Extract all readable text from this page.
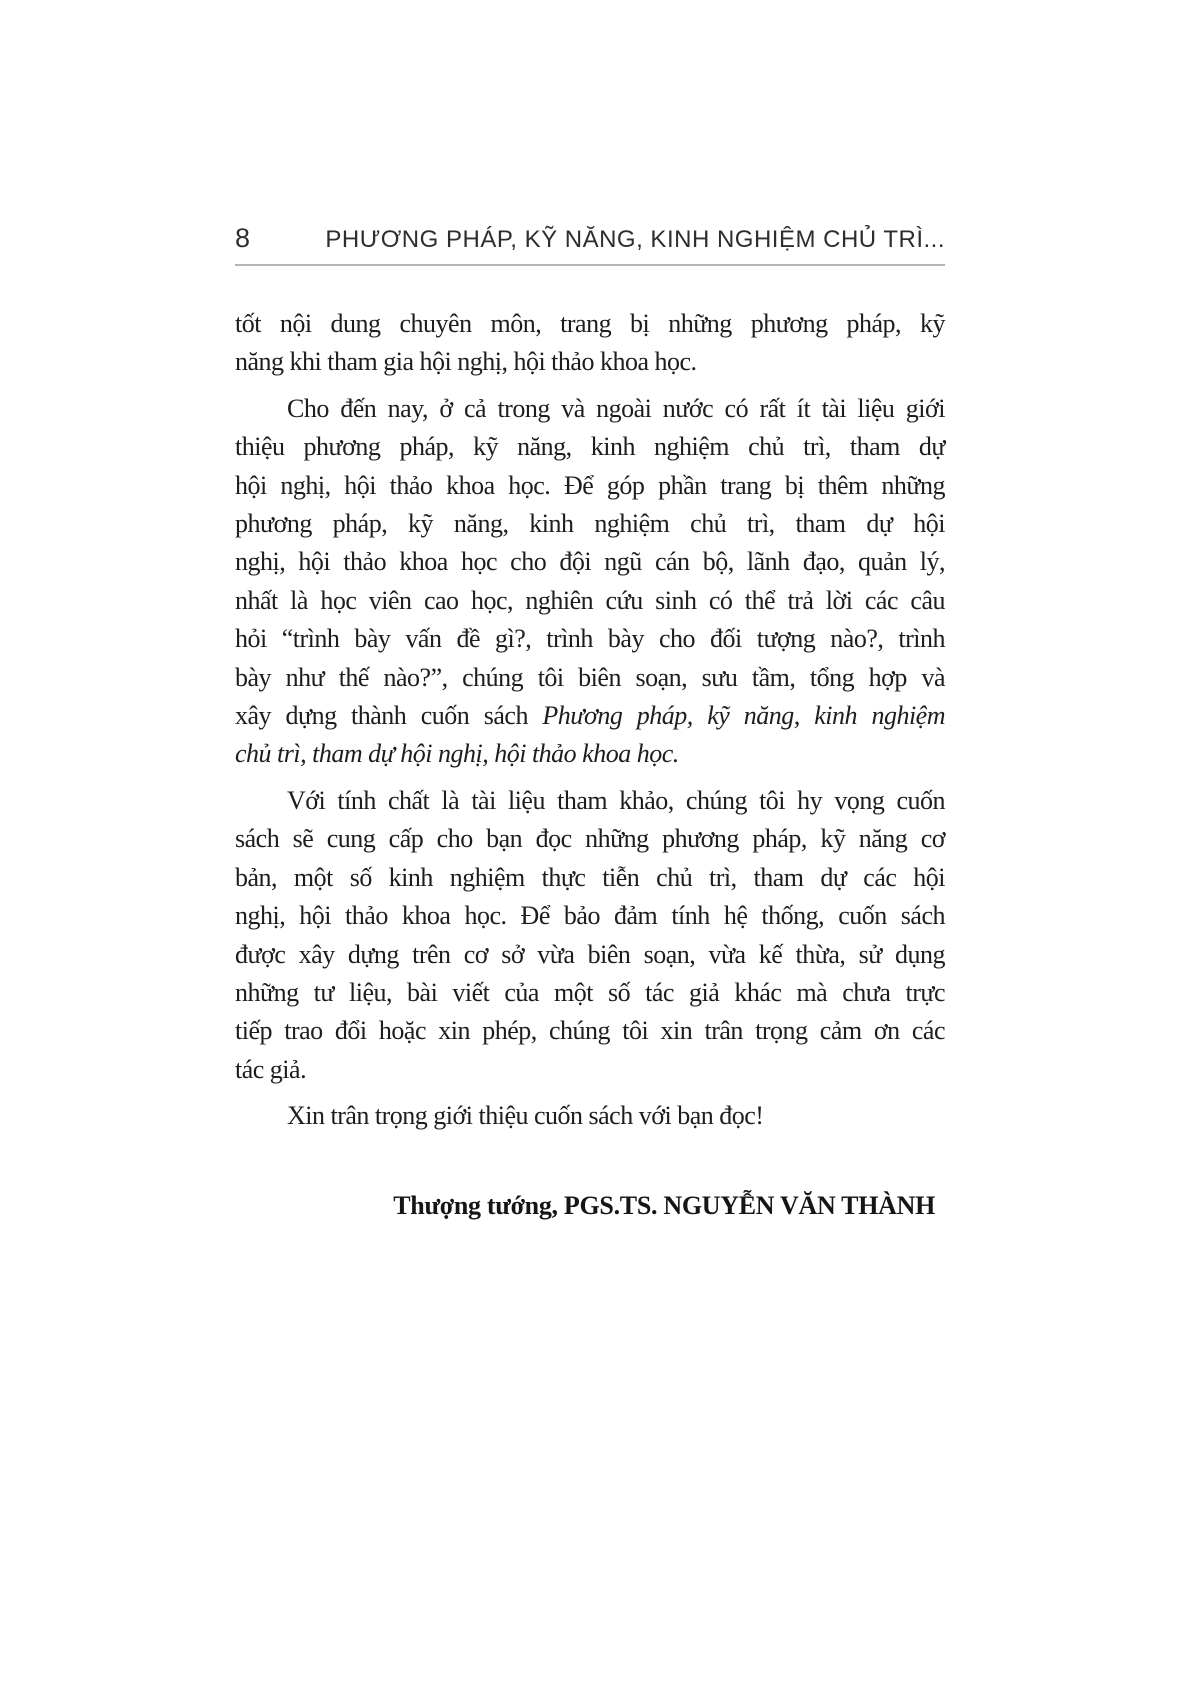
8	PHƯƠNG PHÁP, KỸ NĂNG, KINH NGHIỆM CHỦ TRÌ...
tốt nội dung chuyên môn, trang bị những phương pháp, kỹ
năng khi tham gia hội nghị, hội thảo khoa học.
Cho đến nay, ở cả trong và ngoài nước có rất ít tài liệu giới
thiệu phương pháp, kỹ năng, kinh nghiệm chủ trì, tham dự
hội nghị, hội thảo khoa học. Để góp phần trang bị thêm những
phương pháp, kỹ năng, kinh nghiệm chủ trì, tham dự hội
nghị, hội thảo khoa học cho đội ngũ cán bộ, lãnh đạo, quản lý,
nhất là học viên cao học, nghiên cứu sinh có thể trả lời các câu
hỏi “trình bày vấn đề gì?, trình bày cho đối tượng nào?, trình
bày như thế nào?”, chúng tôi biên soạn, sưu tầm, tổng hợp và
xây dựng thành cuốn sách Phương pháp, kỹ năng, kinh nghiệm
chủ trì, tham dự hội nghị, hội thảo khoa học.
Với tính chất là tài liệu tham khảo, chúng tôi hy vọng cuốn
sách sẽ cung cấp cho bạn đọc những phương pháp, kỹ năng cơ
bản, một số kinh nghiệm thực tiễn chủ trì, tham dự các hội
nghị, hội thảo khoa học. Để bảo đảm tính hệ thống, cuốn sách
được xây dựng trên cơ sở vừa biên soạn, vừa kế thừa, sử dụng
những tư liệu, bài viết của một số tác giả khác mà chưa trực
tiếp trao đổi hoặc xin phép, chúng tôi xin trân trọng cảm ơn các
tác giả.
Xin trân trọng giới thiệu cuốn sách với bạn đọc!
Thượng tướng, PGS.TS. NGUYỄN VĂN THÀNH
